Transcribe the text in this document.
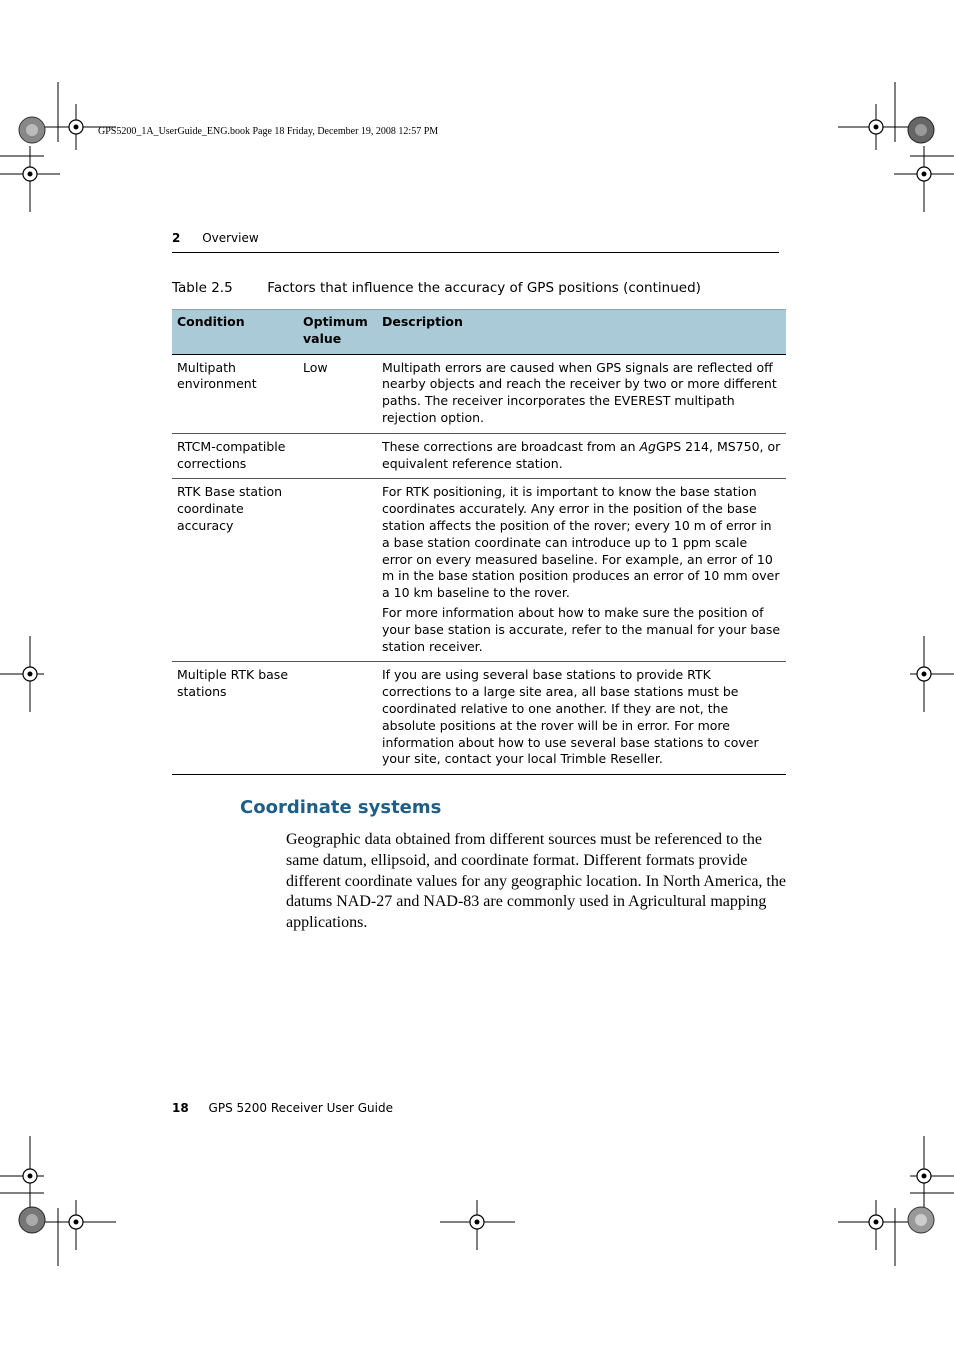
GPS5200_1A_UserGuide_ENG.book Page 18 Friday, December 19, 2008 12:57 PM
2 Overview
Table 2.5	Factors that influence the accuracy of GPS positions (continued)
Condition	Optimum value	Description
Multipath environment	Low	Multipath errors are caused when GPS signals are reflected off nearby objects and reach the receiver by two or more different paths. The receiver incorporates the EVEREST multipath rejection option.

RTCM-compatible corrections		These corrections are broadcast from an AgGPS 214, MS750, or equivalent reference station.
RTK Base station coordinate accuracy		For RTK positioning, it is important to know the base station coordinates accurately. Any error in the position of the base station affects the position of the rover; every 10 m of error in a base station coordinate can introduce up to 1 ppm scale error on every measured baseline. For example, an error of 10 m in the base station position produces an error of 10 mm over a 10 km baseline to the rover.

For more information about how to make sure the position of your base station is accurate, refer to the manual for your base station receiver.

Multiple RTK base stations		If you are using several base stations to provide RTK corrections to a large site area, all base stations must be coordinated relative to one another. If they are not, the absolute positions at the rover will be in error. For more information about how to use several base stations to cover your site, contact your local Trimble Reseller.

Coordinate systems

Geographic data obtained from different sources must be referenced to the same datum, ellipsoid, and coordinate format. Different formats provide different coordinate values for any geographic location. In North America, the datums NAD-27 and NAD-83 are commonly used in Agricultural mapping applications.

18 GPS 5200 Receiver User Guide
